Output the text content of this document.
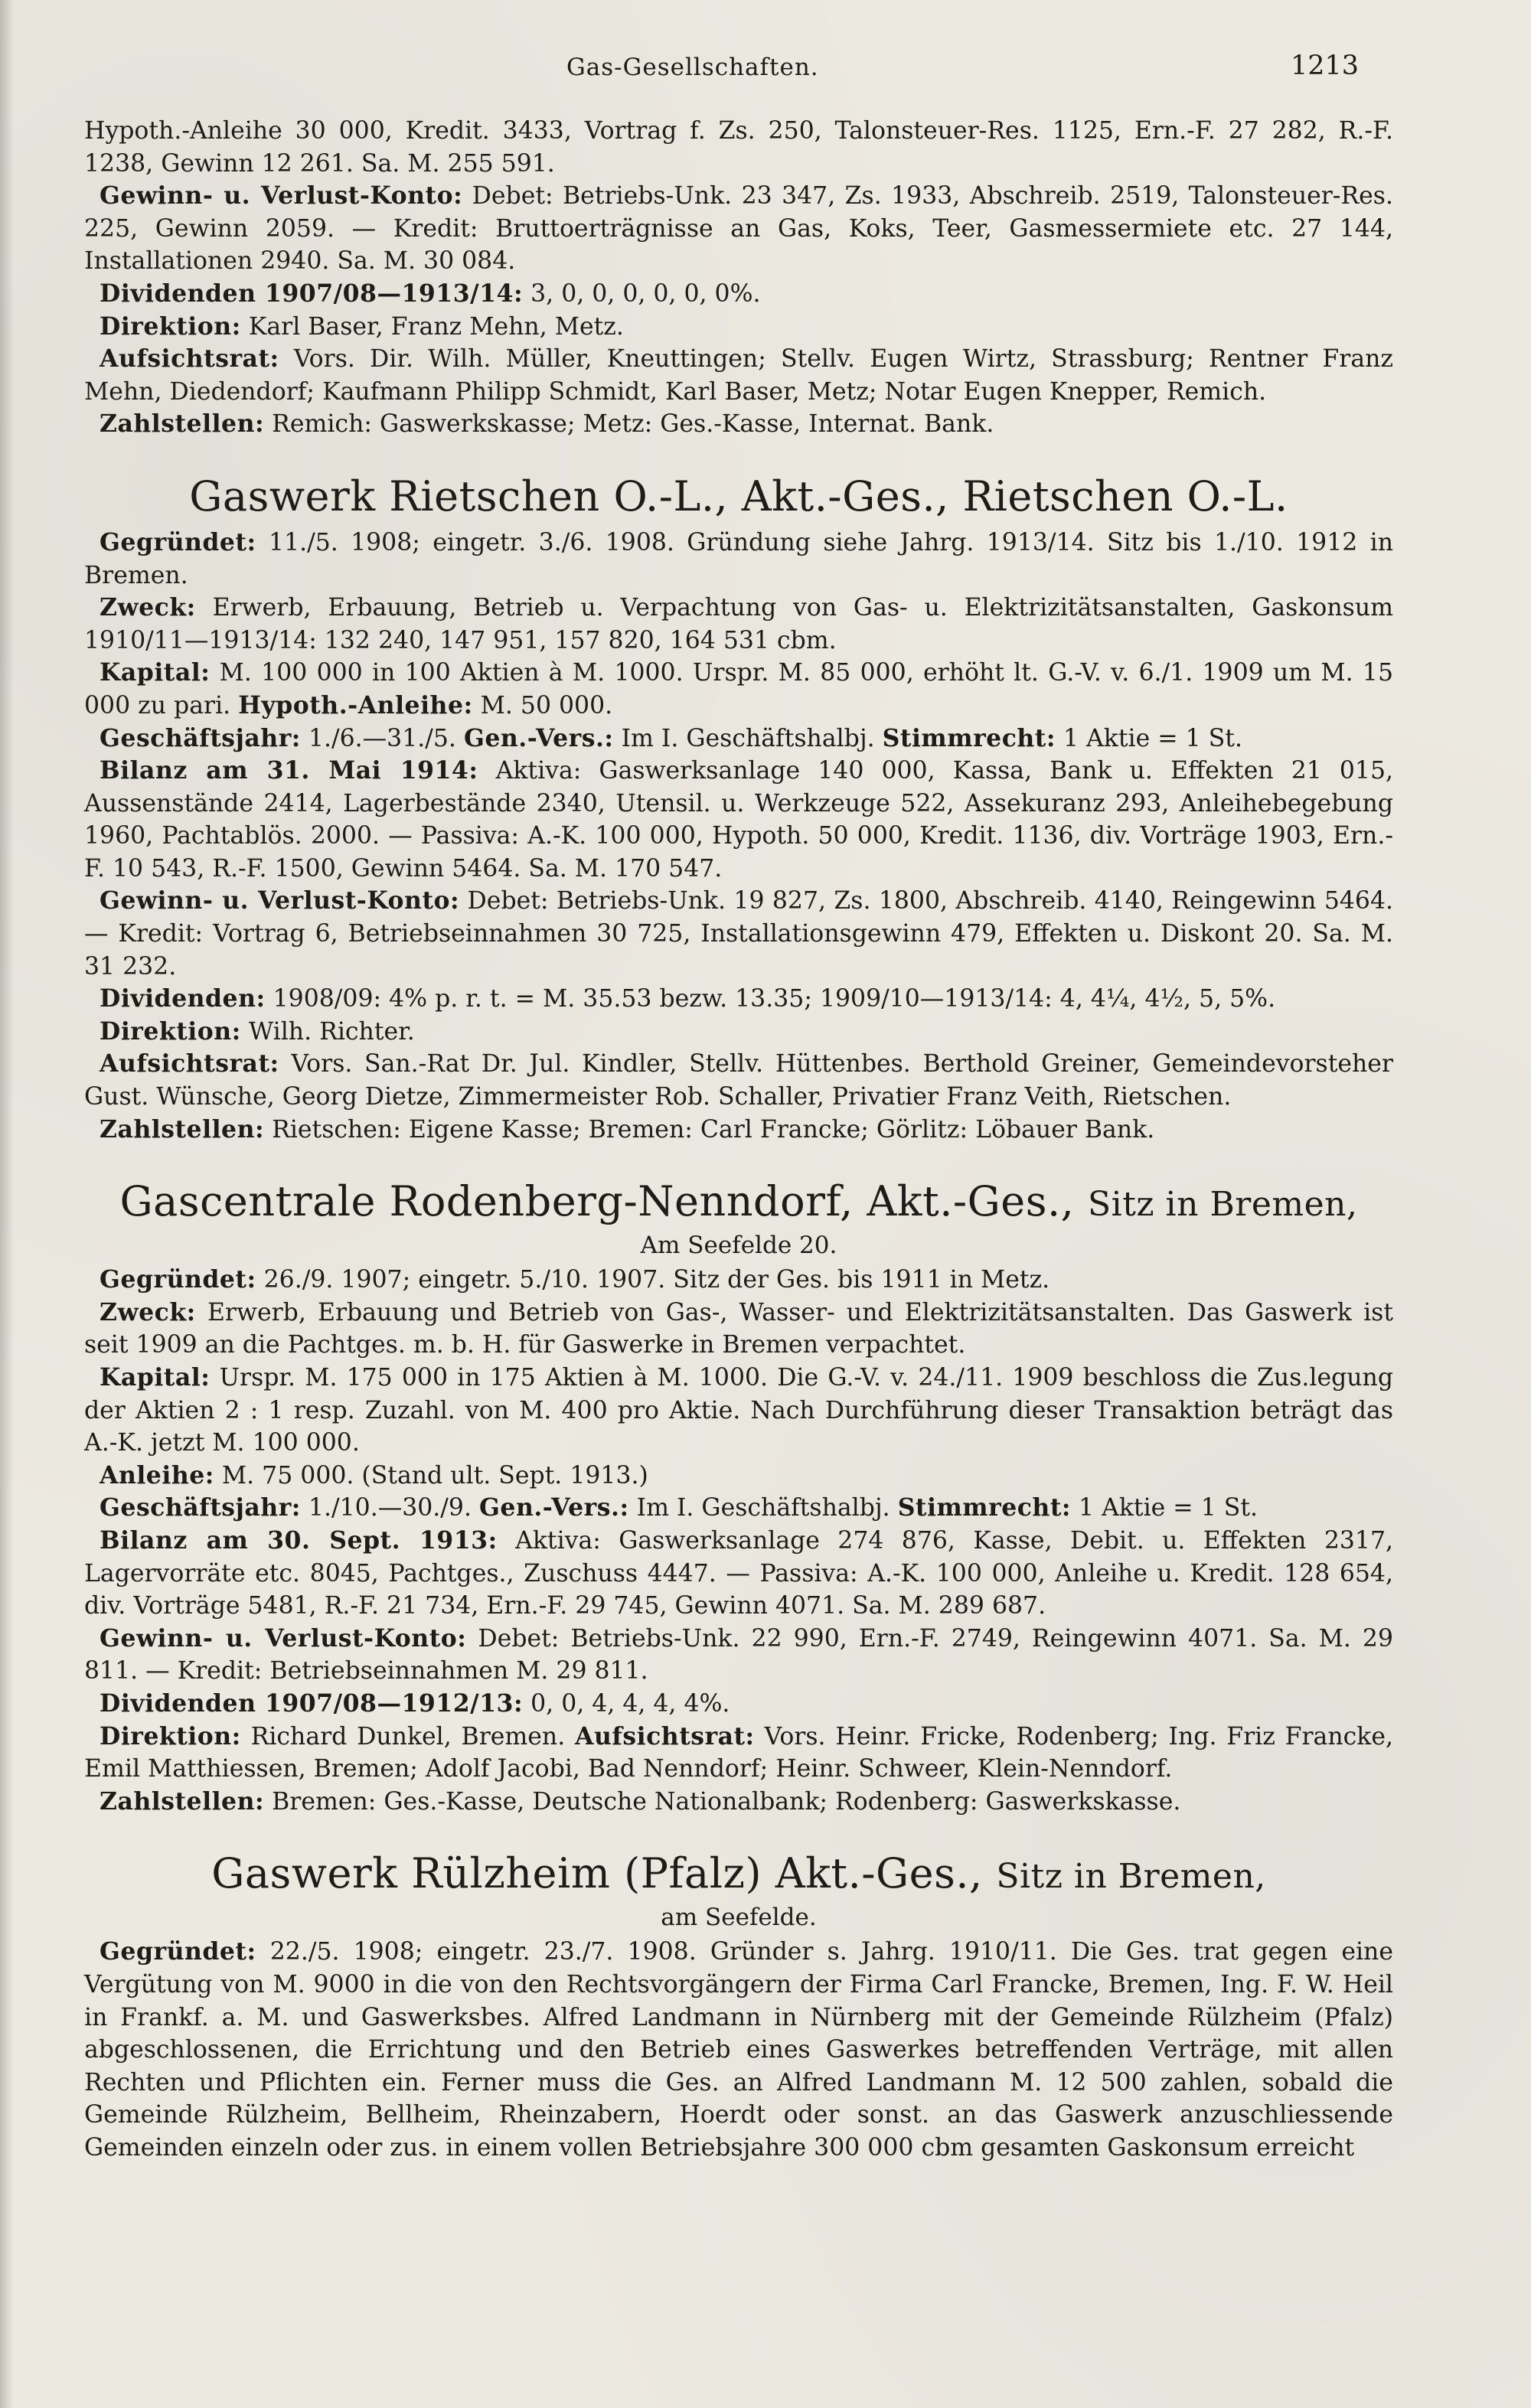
Gas-Gesellschaften.	1213

Hypoth.-Anleihe 30 000, Kredit. 3433, Vortrag f. Zs. 250, Talonsteuer-Res. 1125, Ern.-F. 27 282, R.-F. 1238, Gewinn 12 261. Sa. M. 255 591.
Gewinn- u. Verlust-Konto: Debet: Betriebs-Unk. 23 347, Zs. 1933, Abschreib. 2519, Talonsteuer-Res. 225, Gewinn 2059. — Kredit: Bruttoerträgnisse an Gas, Koks, Teer, Gasmessermiete etc. 27 144, Installationen 2940. Sa. M. 30 084.
Dividenden 1907/08—1913/14: 3, 0, 0, 0, 0, 0, 0%.
Direktion: Karl Baser, Franz Mehn, Metz.
Aufsichtsrat: Vors. Dir. Wilh. Müller, Kneuttingen; Stellv. Eugen Wirtz, Strassburg; Rentner Franz Mehn, Diedendorf; Kaufmann Philipp Schmidt, Karl Baser, Metz; Notar Eugen Knepper, Remich.
Zahlstellen: Remich: Gaswerkskasse; Metz: Ges.-Kasse, Internat. Bank.

Gaswerk Rietschen O.-L., Akt.-Ges., Rietschen O.-L.

Gegründet: 11./5. 1908; eingetr. 3./6. 1908. Gründung siehe Jahrg. 1913/14. Sitz bis 1./10. 1912 in Bremen.
Zweck: Erwerb, Erbauung, Betrieb u. Verpachtung von Gas- u. Elektrizitätsanstalten, Gaskonsum 1910/11—1913/14: 132 240, 147 951, 157 820, 164 531 cbm.
Kapital: M. 100 000 in 100 Aktien à M. 1000. Urspr. M. 85 000, erhöht lt. G.-V. v. 6./1. 1909 um M. 15 000 zu pari. Hypoth.-Anleihe: M. 50 000.
Geschäftsjahr: 1./6.—31./5. Gen.-Vers.: Im I. Geschäftshalbj. Stimmrecht: 1 Aktie = 1 St.
Bilanz am 31. Mai 1914: Aktiva: Gaswerksanlage 140 000, Kassa, Bank u. Effekten 21 015, Aussenstände 2414, Lagerbestände 2340, Utensil. u. Werkzeuge 522, Assekuranz 293, Anleihebegebung 1960, Pachtablös. 2000. — Passiva: A.-K. 100 000, Hypoth. 50 000, Kredit. 1136, div. Vorträge 1903, Ern.-F. 10 543, R.-F. 1500, Gewinn 5464. Sa. M. 170 547.
Gewinn- u. Verlust-Konto: Debet: Betriebs-Unk. 19 827, Zs. 1800, Abschreib. 4140, Reingewinn 5464. — Kredit: Vortrag 6, Betriebseinnahmen 30 725, Installationsgewinn 479, Effekten u. Diskont 20. Sa. M. 31 232.
Dividenden: 1908/09: 4% p. r. t. = M. 35.53 bezw. 13.35; 1909/10—1913/14: 4, 4¼, 4½, 5, 5%.
Direktion: Wilh. Richter.
Aufsichtsrat: Vors. San.-Rat Dr. Jul. Kindler, Stellv. Hüttenbes. Berthold Greiner, Gemeindevorsteher Gust. Wünsche, Georg Dietze, Zimmermeister Rob. Schaller, Privatier Franz Veith, Rietschen.
Zahlstellen: Rietschen: Eigene Kasse; Bremen: Carl Francke; Görlitz: Löbauer Bank.

Gascentrale Rodenberg-Nenndorf, Akt.-Ges., Sitz in Bremen,
Am Seefelde 20.

Gegründet: 26./9. 1907; eingetr. 5./10. 1907. Sitz der Ges. bis 1911 in Metz.
Zweck: Erwerb, Erbauung und Betrieb von Gas-, Wasser- und Elektrizitätsanstalten. Das Gaswerk ist seit 1909 an die Pachtges. m. b. H. für Gaswerke in Bremen verpachtet.
Kapital: Urspr. M. 175 000 in 175 Aktien à M. 1000. Die G.-V. v. 24./11. 1909 beschloss die Zus.legung der Aktien 2 : 1 resp. Zuzahl. von M. 400 pro Aktie. Nach Durchführung dieser Transaktion beträgt das A.-K. jetzt M. 100 000.
Anleihe: M. 75 000. (Stand ult. Sept. 1913.)
Geschäftsjahr: 1./10.—30./9. Gen.-Vers.: Im I. Geschäftshalbj. Stimmrecht: 1 Aktie = 1 St.
Bilanz am 30. Sept. 1913: Aktiva: Gaswerksanlage 274 876, Kasse, Debit. u. Effekten 2317, Lagervorräte etc. 8045, Pachtges., Zuschuss 4447. — Passiva: A.-K. 100 000, Anleihe u. Kredit. 128 654, div. Vorträge 5481, R.-F. 21 734, Ern.-F. 29 745, Gewinn 4071. Sa. M. 289 687.
Gewinn- u. Verlust-Konto: Debet: Betriebs-Unk. 22 990, Ern.-F. 2749, Reingewinn 4071. Sa. M. 29 811. — Kredit: Betriebseinnahmen M. 29 811.
Dividenden 1907/08—1912/13: 0, 0, 4, 4, 4, 4%.
Direktion: Richard Dunkel, Bremen. Aufsichtsrat: Vors. Heinr. Fricke, Rodenberg; Ing. Friz Francke, Emil Matthiessen, Bremen; Adolf Jacobi, Bad Nenndorf; Heinr. Schweer, Klein-Nenndorf.
Zahlstellen: Bremen: Ges.-Kasse, Deutsche Nationalbank; Rodenberg: Gaswerkskasse.

Gaswerk Rülzheim (Pfalz) Akt.-Ges., Sitz in Bremen,
am Seefelde.

Gegründet: 22./5. 1908; eingetr. 23./7. 1908. Gründer s. Jahrg. 1910/11. Die Ges. trat gegen eine Vergütung von M. 9000 in die von den Rechtsvorgängern der Firma Carl Francke, Bremen, Ing. F. W. Heil in Frankf. a. M. und Gaswerksbes. Alfred Landmann in Nürnberg mit der Gemeinde Rülzheim (Pfalz) abgeschlossenen, die Errichtung und den Betrieb eines Gaswerkes betreffenden Verträge, mit allen Rechten und Pflichten ein. Ferner muss die Ges. an Alfred Landmann M. 12 500 zahlen, sobald die Gemeinde Rülzheim, Bellheim, Rheinzabern, Hoerdt oder sonst. an das Gaswerk anzuschliessende Gemeinden einzeln oder zus. in einem vollen Betriebsjahre 300 000 cbm gesamten Gaskonsum erreicht
